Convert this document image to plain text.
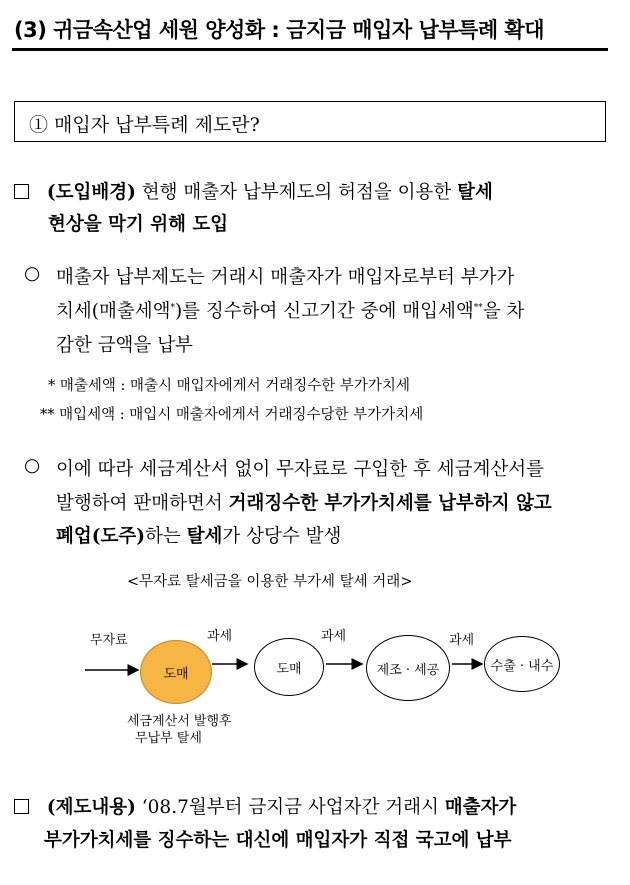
(3) 귀금속산업 세원 양성화 : 금지금 매입자 납부특례 확대
① 매입자 납부특례 제도란?
(도입배경) 현행 매출자 납부제도의 허점을 이용한 탈세
현상을 막기 위해 도입
○ 매출자 납부제도는 거래시 매출자가 매입자로부터 부가가
치세(매출세액*)를 징수하여 신고기간 중에 매입세액**을 차
감한 금액을 납부
* 매출세액 : 매출시 매입자에게서 거래징수한 부가가치세
** 매입세액 : 매입시 매출자에게서 거래징수당한 부가가치세
○ 이에 따라 세금계산서 없이 무자료로 구입한 후 세금계산서를
발행하여 판매하면서 거래징수한 부가가치세를 납부하지 않고
폐업(도주)하는 탈세가 상당수 발생
<무자료 탈세금을 이용한 부가세 탈세 거래>
무자료	과세	과세	과세
도매	도매	제조 · 세공	수출 · 내수
세금계산서 발행후
무납부 탈세
(제도내용) ‘08.7월부터 금지금 사업자간 거래시 매출자가
부가가치세를 징수하는 대신에 매입자가 직접 국고에 납부
